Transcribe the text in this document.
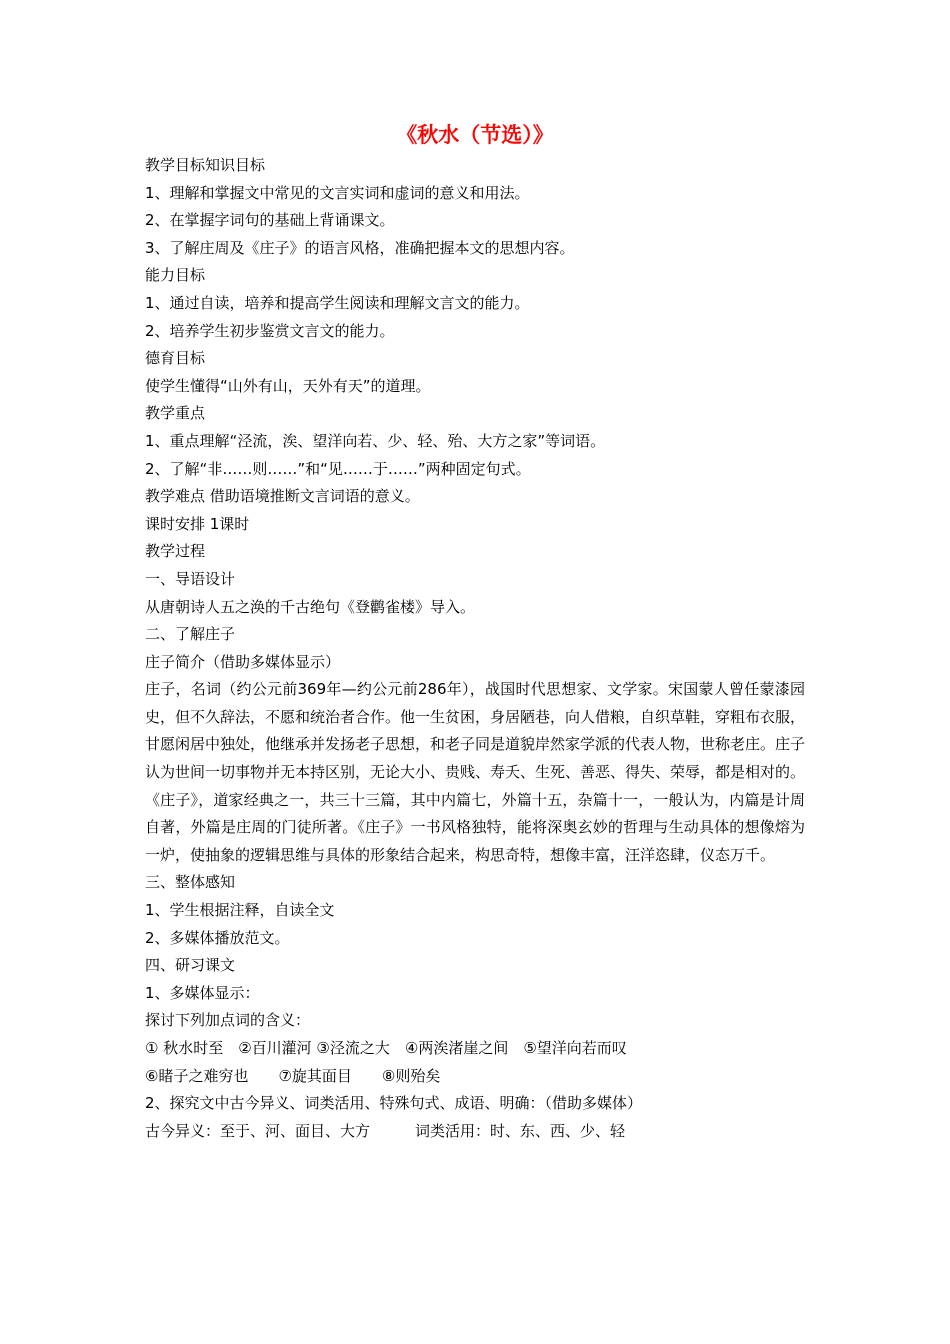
《秋水（节选）》

教学目标知识目标

1、理解和掌握文中常见的文言实词和虚词的意义和用法。

2、在掌握字词句的基础上背诵课文。

3、了解庄周及《庄子》的语言风格，准确把握本文的思想内容。

能力目标

1、通过自读，培养和提高学生阅读和理解文言文的能力。

2、培养学生初步鉴赏文言文的能力。

德育目标

使学生懂得“山外有山，天外有天”的道理。

教学重点

1、重点理解“泾流，涘、望洋向若、少、轻、殆、大方之家”等词语。

2、了解“非……则……”和“见……于……”两种固定句式。

教学难点 借助语境推断文言词语的意义。

课时安排 1课时

教学过程

一、导语设计

从唐朝诗人五之涣的千古绝句《登鹳雀楼》导入。

二、了解庄子

庄子简介（借助多媒体显示）

庄子，名词（约公元前369年—约公元前286年），战国时代思想家、文学家。宋国蒙人曾任蒙漆园史，但不久辞法，不愿和统治者合作。他一生贫困，身居陋巷，向人借粮，自织草鞋，穿粗布衣服，甘愿闲居中独处，他继承并发扬老子思想，和老子同是道貌岸然家学派的代表人物，世称老庄。庄子认为世间一切事物并无本持区别，无论大小、贵贱、寿夭、生死、善恶、得失、荣辱，都是相对的。

《庄子》，道家经典之一，共三十三篇，其中内篇七，外篇十五，杂篇十一，一般认为，内篇是计周自著，外篇是庄周的门徒所著。《庄子》一书风格独特，能将深奥玄妙的哲理与生动具体的想像熔为一炉，使抽象的逻辑思维与具体的形象结合起来，构思奇特，想像丰富，汪洋恣肆，仪态万千。

三、整体感知

1、学生根据注释，自读全文

2、多媒体播放范文。

四、研习课文

1、多媒体显示：

探讨下列加点词的含义：

① 秋水时至　②百川灌河 ③泾流之大　④两涘渚崖之间　⑤望洋向若而叹

⑥睹子之难穷也　　⑦旋其面目　　⑧则殆矣

2、探究文中古今异义、词类活用、特殊句式、成语、明确：（借助多媒体）

古今异义：至于、河、面目、大方　　　词类活用：时、东、西、少、轻
